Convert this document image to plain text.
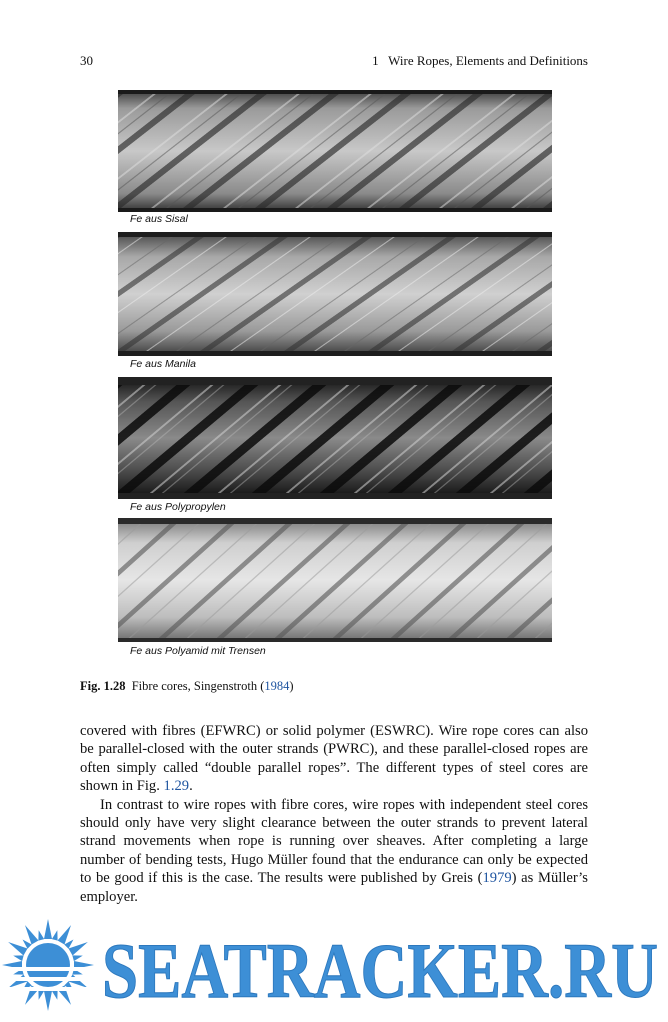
30	1   Wire Ropes, Elements and Definitions
Fe aus Sisal
Fe aus Manila
Fe aus Polypropylen
Fe aus Polyamid mit Trensen
Fig. 1.28 Fibre cores, Singenstroth (1984)

covered with fibres (EFWRC) or solid polymer (ESWRC). Wire rope cores can also be parallel-closed with the outer strands (PWRC), and these parallel-closed ropes are often simply called “double parallel ropes”. The different types of steel cores are shown in Fig. 1.29.

In contrast to wire ropes with fibre cores, wire ropes with independent steel cores should only have very slight clearance between the outer strands to prevent lateral strand movements when rope is running over sheaves. After completing a large number of bending tests, Hugo Müller found that the endurance can only be expected to be good if this is the case. The results were published by Greis (1979) as Müller’s employer.

SEATRACKER.RU
